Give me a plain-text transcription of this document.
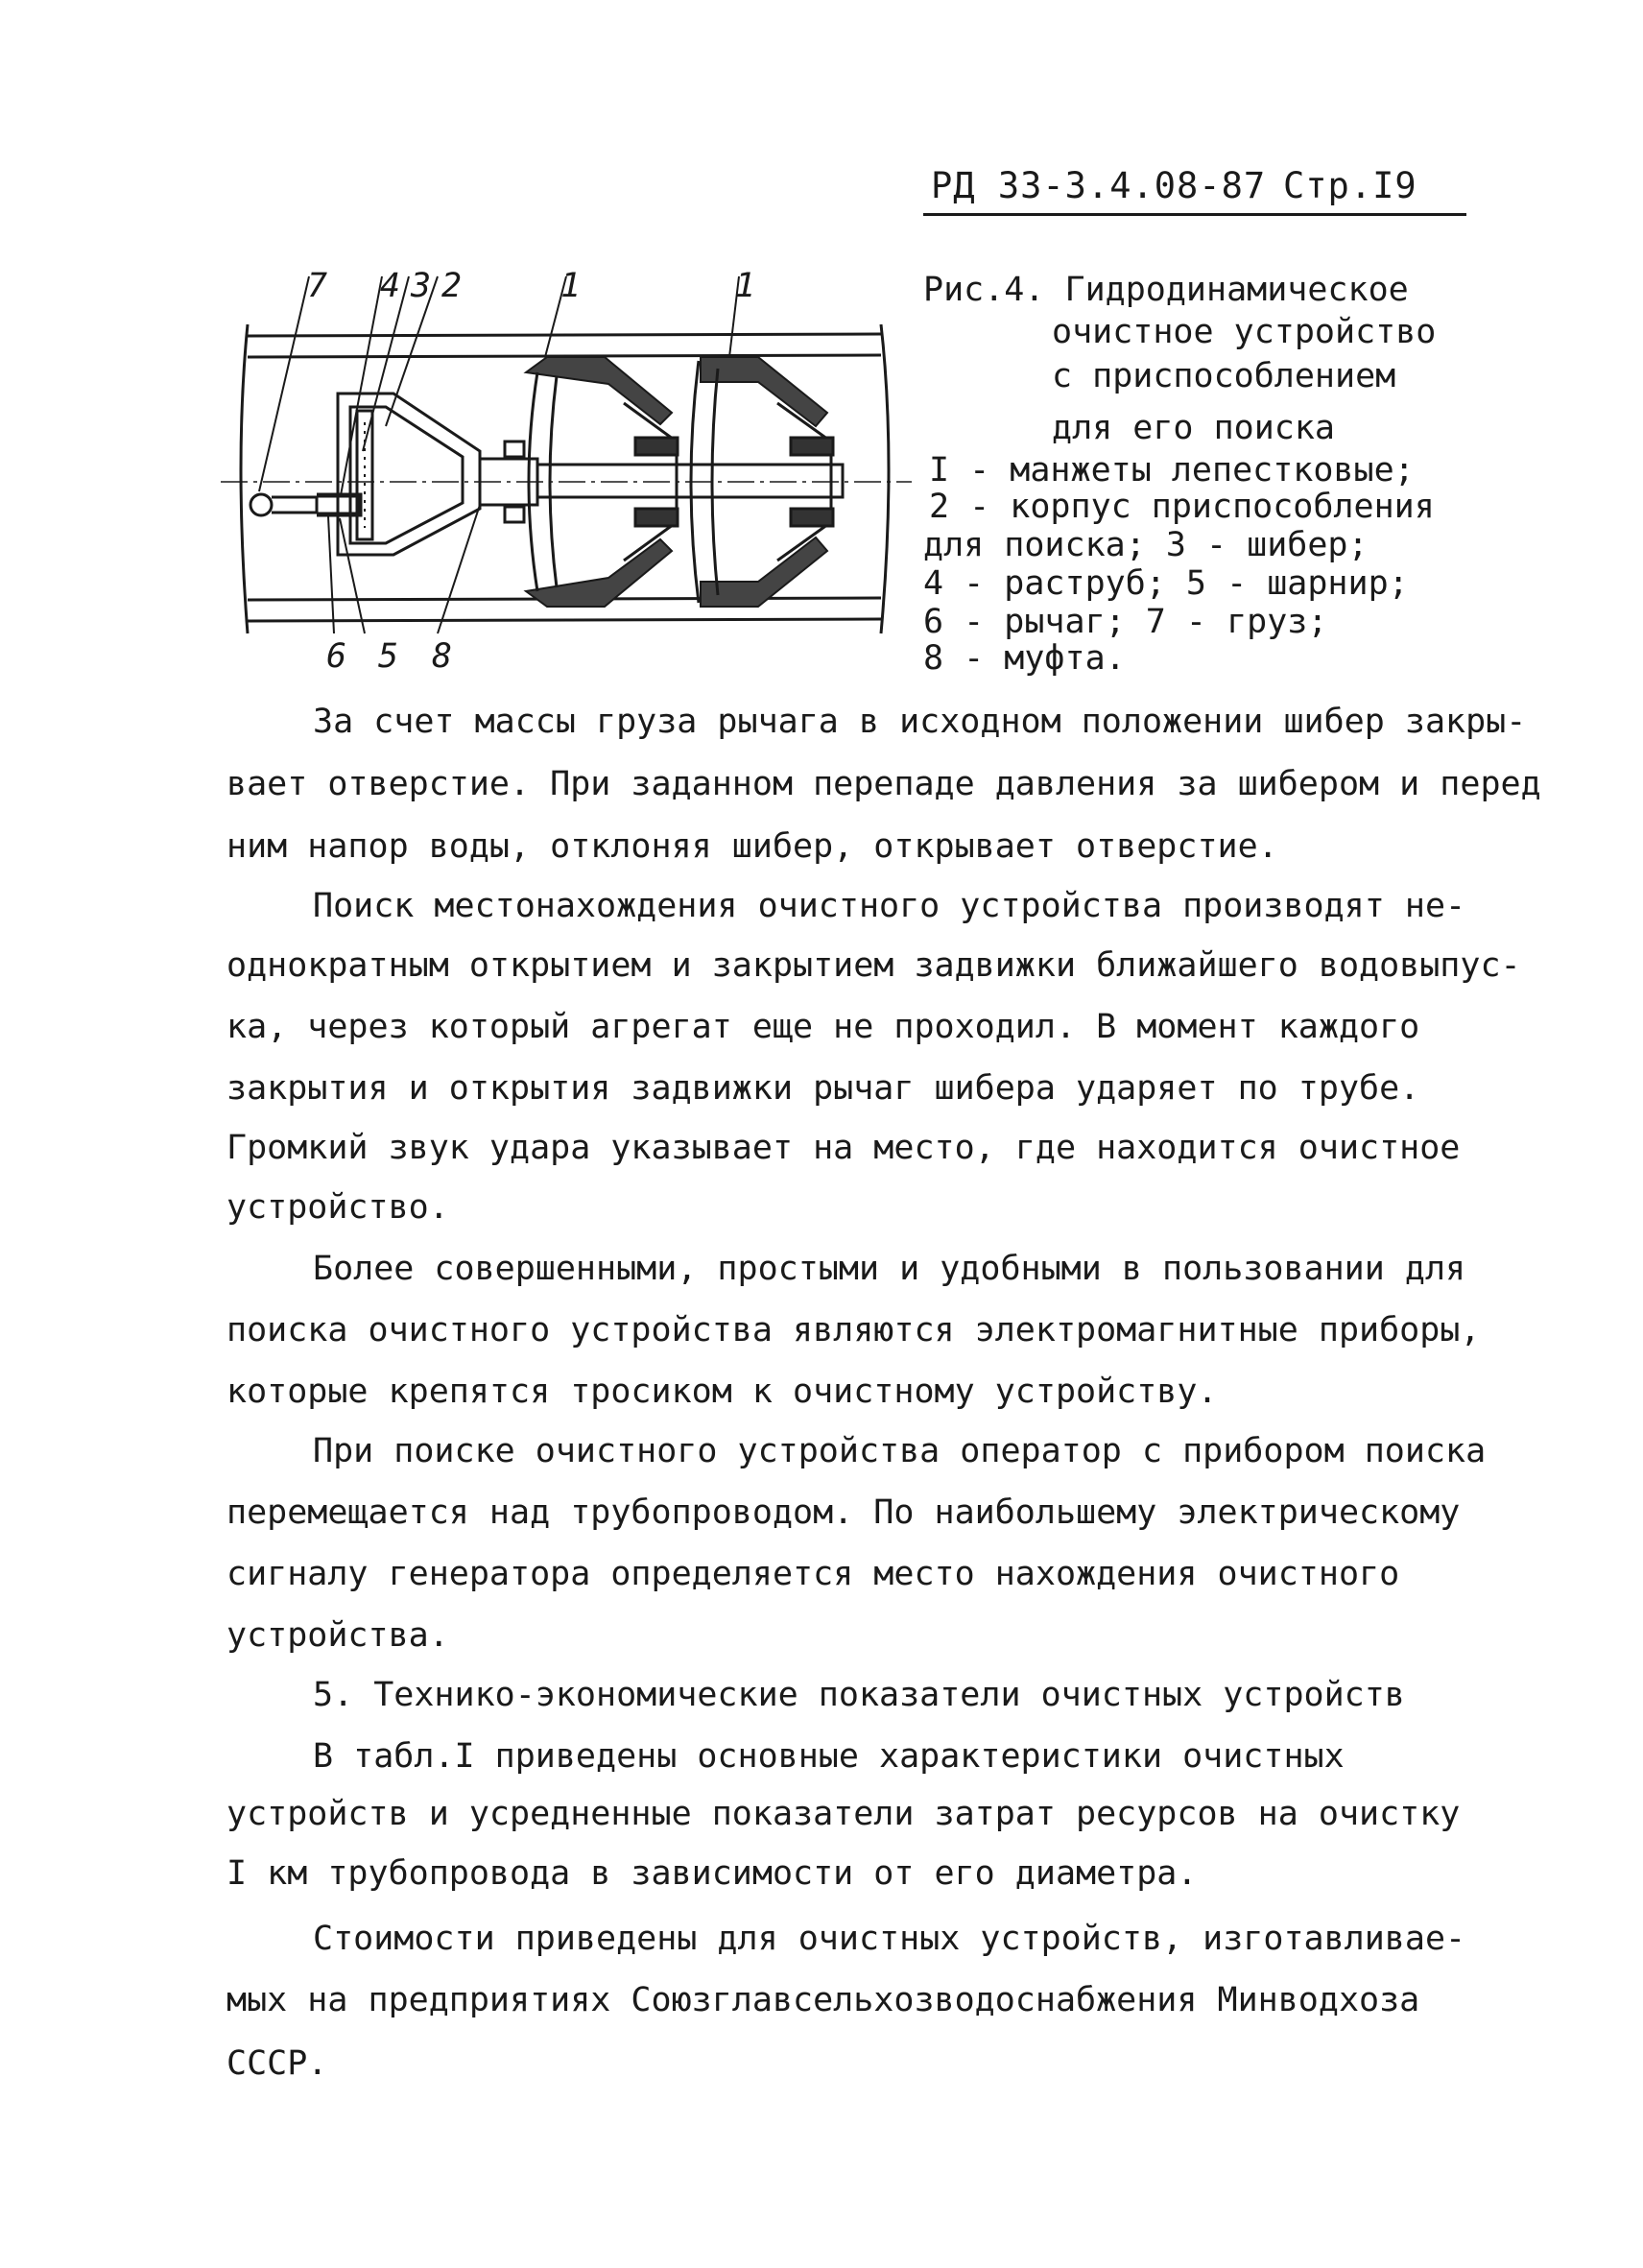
РД 33-3.4.08-87 Стр.I9
7 4 3 2	1	1
6 5 8
Рис.4. Гидродинамическое
очистное устройство
с приспособлением
для его поиска
I - манжеты лепестковые;
2 - корпус приспособления
для поиска; 3 - шибер;
4 - раструб; 5 - шарнир;
6 - рычаг; 7 - груз;
8 - муфта.
За счет массы груза рычага в исходном положении шибер закры-
вает отверстие. При заданном перепаде давления за шибером и перед
ним напор воды, отклоняя шибер, открывает отверстие.
Поиск местонахождения очистного устройства производят не-
однократным открытием и закрытием задвижки ближайшего водовыпус-
ка, через который агрегат еще не проходил. В момент каждого
закрытия и открытия задвижки рычаг шибера ударяет по трубе.
Громкий звук удара указывает на место, где находится очистное
устройство.
Более совершенными, простыми и удобными в пользовании для
поиска очистного устройства являются электромагнитные приборы,
которые крепятся тросиком к очистному устройству.
При поиске очистного устройства оператор с прибором поиска
перемещается над трубопроводом. По наибольшему электрическому
сигналу генератора определяется место нахождения очистного
устройства.
5. Технико-экономические показатели очистных устройств
В табл.I приведены основные характеристики очистных
устройств и усредненные показатели затрат ресурсов на очистку
I км трубопровода в зависимости от его диаметра.
Стоимости приведены для очистных устройств, изготавливае-
мых на предприятиях Союзглавсельхозводоснабжения Минводхоза
СССР.
